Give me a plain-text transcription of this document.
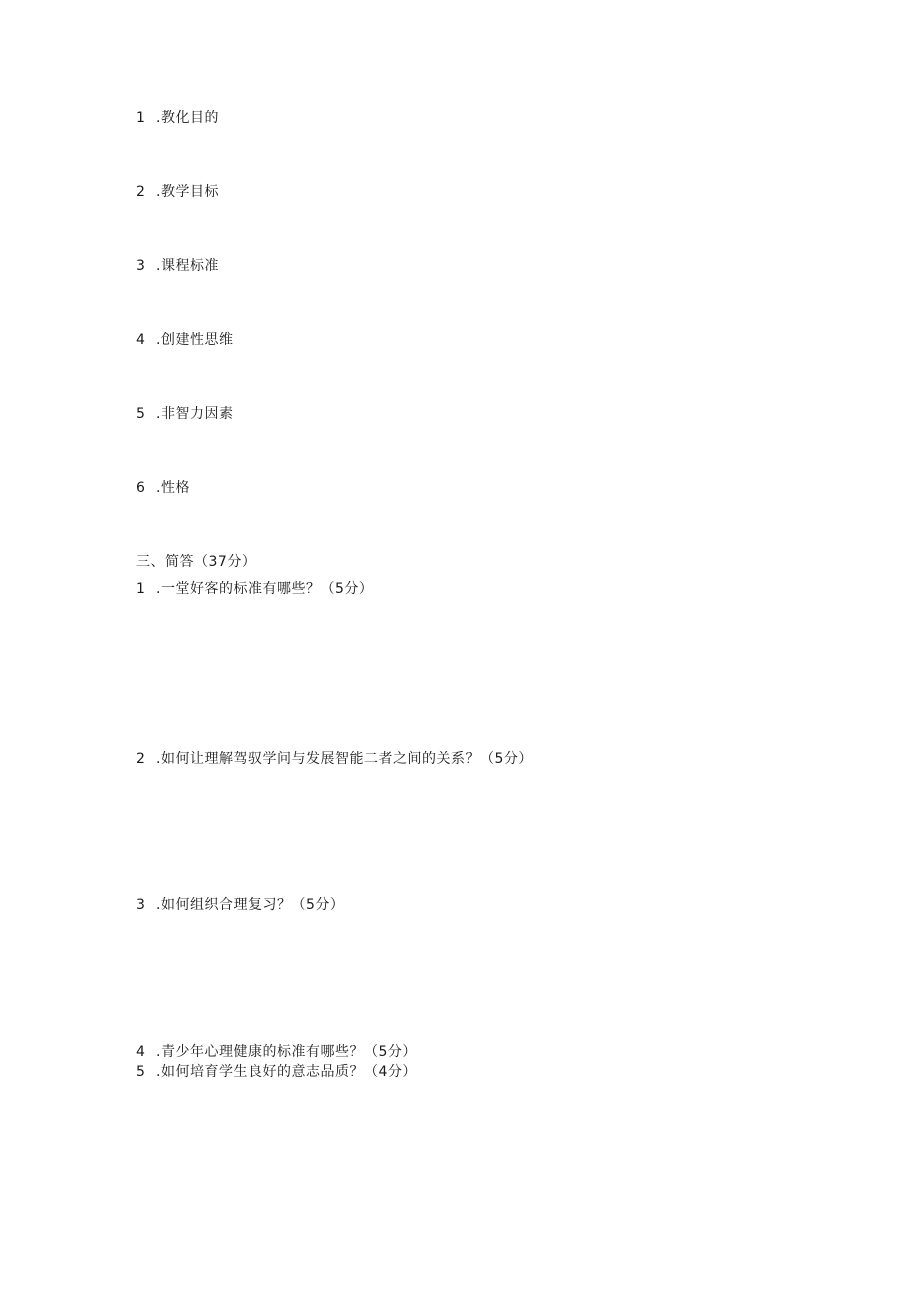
1 .教化目的
2 .教学目标
3 .课程标准
4 .创建性思维
5 .非智力因素
6 .性格
三、简答（37分）
1 .一堂好客的标准有哪些？（5分）
2 .如何让理解驾驭学问与发展智能二者之间的关系？（5分）
3 .如何组织合理复习？（5分）
4 .青少年心理健康的标准有哪些？（5分）
5 .如何培育学生良好的意志品质？（4分）
